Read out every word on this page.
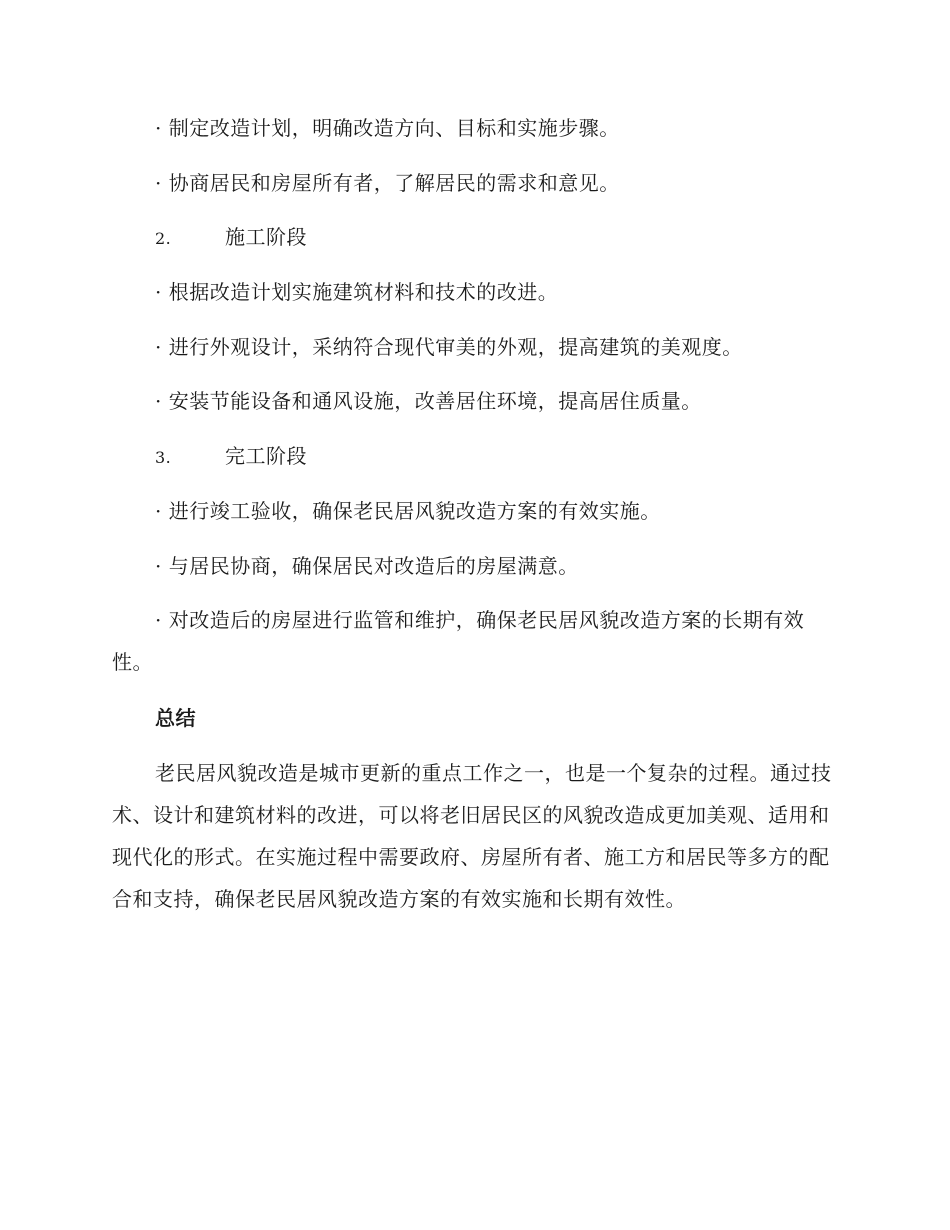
· 制定改造计划，明确改造方向、目标和实施步骤。
· 协商居民和房屋所有者，了解居民的需求和意见。
2.	施工阶段
· 根据改造计划实施建筑材料和技术的改进。
· 进行外观设计，采纳符合现代审美的外观，提高建筑的美观度。
· 安装节能设备和通风设施，改善居住环境，提高居住质量。
3.	完工阶段
· 进行竣工验收，确保老民居风貌改造方案的有效实施。
· 与居民协商，确保居民对改造后的房屋满意。
· 对改造后的房屋进行监管和维护，确保老民居风貌改造方案的长期有效性。
总结
老民居风貌改造是城市更新的重点工作之一，也是一个复杂的过程。通过技术、设计和建筑材料的改进，可以将老旧居民区的风貌改造成更加美观、适用和现代化的形式。在实施过程中需要政府、房屋所有者、施工方和居民等多方的配合和支持，确保老民居风貌改造方案的有效实施和长期有效性。
